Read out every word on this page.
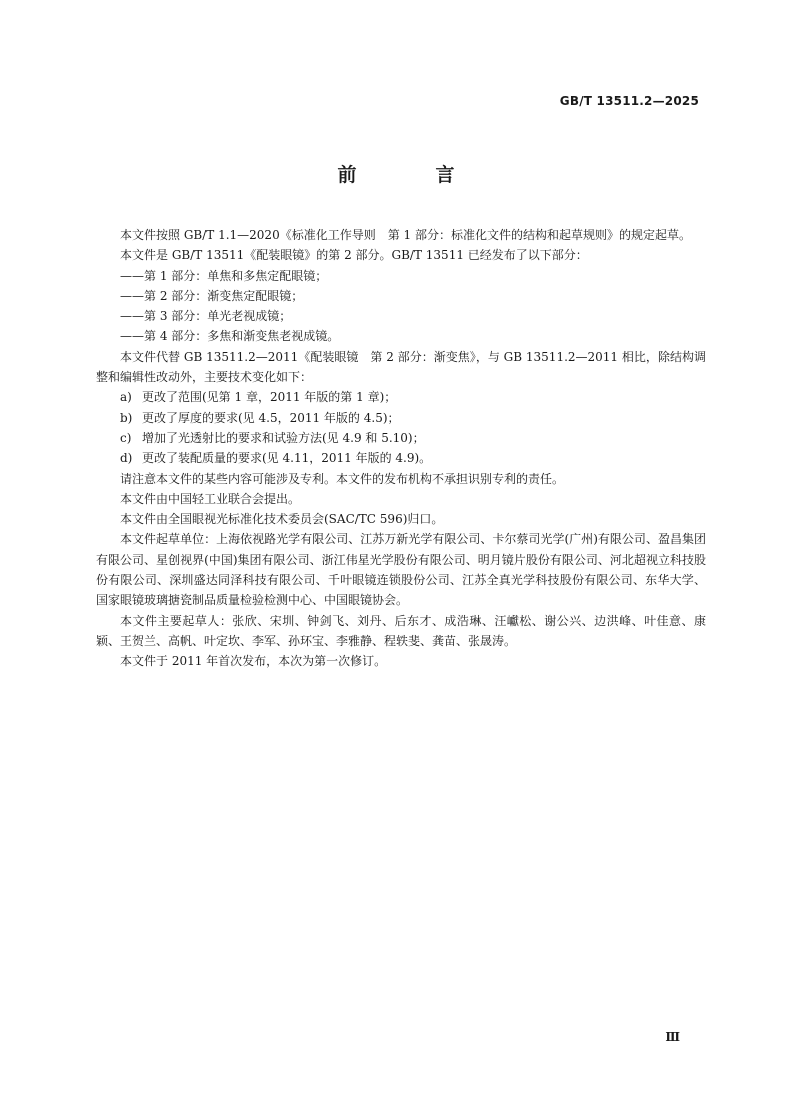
GB/T 13511.2—2025
前　言

本文件按照 GB/T 1.1—2020《标准化工作导则　第 1 部分：标准化文件的结构和起草规则》的规定起草。

本文件是 GB/T 13511《配装眼镜》的第 2 部分。GB/T 13511 已经发布了以下部分：

——第 1 部分：单焦和多焦定配眼镜；

——第 2 部分：渐变焦定配眼镜；

——第 3 部分：单光老视成镜；

——第 4 部分：多焦和渐变焦老视成镜。

本文件代替 GB 13511.2—2011《配装眼镜　第 2 部分：渐变焦》，与 GB 13511.2—2011 相比，除结构调整和编辑性改动外，主要技术变化如下：

a) 更改了范围(见第 1 章，2011 年版的第 1 章)；

b) 更改了厚度的要求(见 4.5，2011 年版的 4.5)；

c) 增加了光透射比的要求和试验方法(见 4.9 和 5.10)；

d) 更改了装配质量的要求(见 4.11，2011 年版的 4.9)。

请注意本文件的某些内容可能涉及专利。本文件的发布机构不承担识别专利的责任。

本文件由中国轻工业联合会提出。

本文件由全国眼视光标准化技术委员会(SAC/TC 596)归口。

本文件起草单位：上海依视路光学有限公司、江苏万新光学有限公司、卡尔蔡司光学(广州)有限公司、盈昌集团有限公司、星创视界(中国)集团有限公司、浙江伟星光学股份有限公司、明月镜片股份有限公司、河北超视立科技股份有限公司、深圳盛达同泽科技有限公司、千叶眼镜连锁股份公司、江苏全真光学科技股份有限公司、东华大学、国家眼镜玻璃搪瓷制品质量检验检测中心、中国眼镜协会。

本文件主要起草人：张欣、宋圳、钟剑飞、刘丹、后东才、成浩琳、汪巘松、谢公兴、边洪峰、叶佳意、康颖、王贺兰、高帆、叶定坎、李军、孙环宝、李雅静、程轶斐、龚苗、张晟涛。

本文件于 2011 年首次发布，本次为第一次修订。

Ⅲ
